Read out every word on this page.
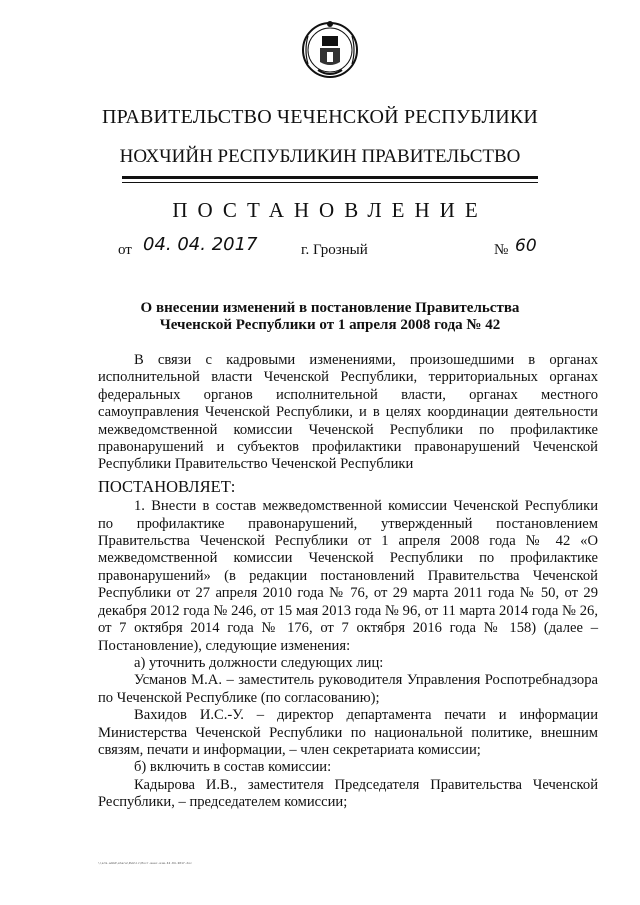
ПРАВИТЕЛЬСТВО ЧЕЧЕНСКОЙ РЕСПУБЛИКИ
НОХЧИЙН РЕСПУБЛИКИН ПРАВИТЕЛЬСТВО
ПОСТАНОВЛЕНИЕ
от 04. 04. 2017	г. Грозный	№ 60
О внесении изменений в постановление Правительства
Чеченской Республики от 1 апреля 2008 года № 42

В связи с кадровыми изменениями, произошедшими в органах исполнительной власти Чеченской Республики, территориальных органах федеральных органов исполнительной власти, органах местного самоуправления Чеченской Республики, и в целях координации деятельности межведомственной комиссии Чеченской Республики по профилактике правонарушений и субъектов профилактики правонарушений Чеченской Республики Правительство Чеченской Республики

ПОСТАНОВЛЯЕТ:

1. Внести в состав межведомственной комиссии Чеченской Республики по профилактике правонарушений, утвержденный постановлением Правительства Чеченской Республики от 1 апреля 2008 года № 42 «О межведомственной комиссии Чеченской Республики по профилактике правонарушений» (в редакции постановлений Правительства Чеченской Республики от 27 апреля 2010 года № 76, от 29 марта 2011 года № 50, от 29 декабря 2012 года № 246, от 15 мая 2013 года № 96, от 11 марта 2014 года № 26, от 7 октября 2014 года № 176, от 7 октября 2016 года № 158) (далее – Постановление), следующие изменения:

а) уточнить должности следующих лиц:

Усманов М.А. – заместитель руководителя Управления Роспотребнадзора по Чеченской Республике (по согласованию);

Вахидов И.С.-У. – директор департамента печати и информации Министерства Чеченской Республики по национальной политике, внешним связям, печати и информации, – член секретариата комиссии;

б) включить в состав комиссии:

Кадырова И.В., заместителя Председателя Правительства Чеченской Республики, – председателем комиссии;

\\arm-adm2\share\Public\Пост.внес.изм.42.04.2017.doc
